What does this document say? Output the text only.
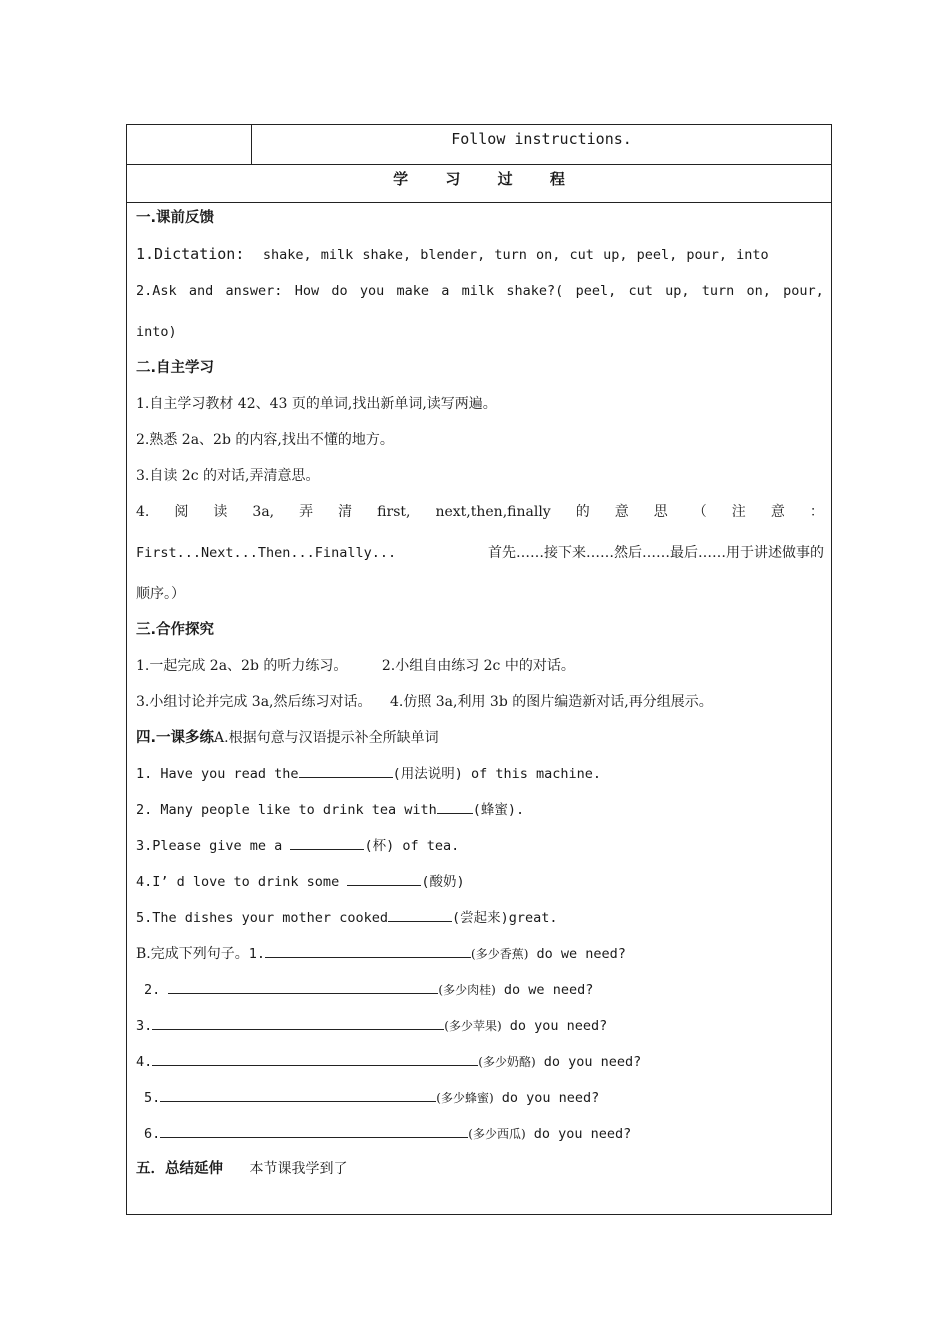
Follow instructions.
学 习 过 程
一.课前反馈
1.Dictation: shake, milk shake, blender, turn on, cut up, peel, pour, into
2.Ask and answer: How do you make a milk shake?( peel, cut up, turn on, pour,
into)
二.自主学习
1.自主学习教材 42、43 页的单词,找出新单词,读写两遍。
2.熟悉 2a、2b 的内容,找出不懂的地方。
3.自读 2c 的对话,弄清意思。
4. 阅 读 3a, 弄 清 first, next,then,finally 的 意 思 （ 注 意 ：
First...Next...Then...Finally...	首先……接下来……然后……最后……用于讲述做事的
顺序。）
三.合作探究
1.一起完成 2a、2b 的听力练习。 2.小组自由练习 2c 中的对话。
3.小组讨论并完成 3a,然后练习对话。 4.仿照 3a,利用 3b 的图片编造新对话,再分组展示。
四.一课多练A.根据句意与汉语提示补全所缺单词
1. Have you read the	(用法说明) of this machine.
2. Many people like to drink tea with	(蜂蜜).
3.Please give me a	(杯) of tea.
4.I’ d love to drink some	(酸奶)
5.The dishes your mother cooked	(尝起来)great.
B.完成下列句子。1.	(多少香蕉) do we need?
2.	(多少肉桂) do we need?
3.	(多少苹果) do you need?
4.	(多少奶酪) do you need?
5.	(多少蜂蜜) do you need?
6.	(多少西瓜) do you need?
五．总结延伸 本节课我学到了
